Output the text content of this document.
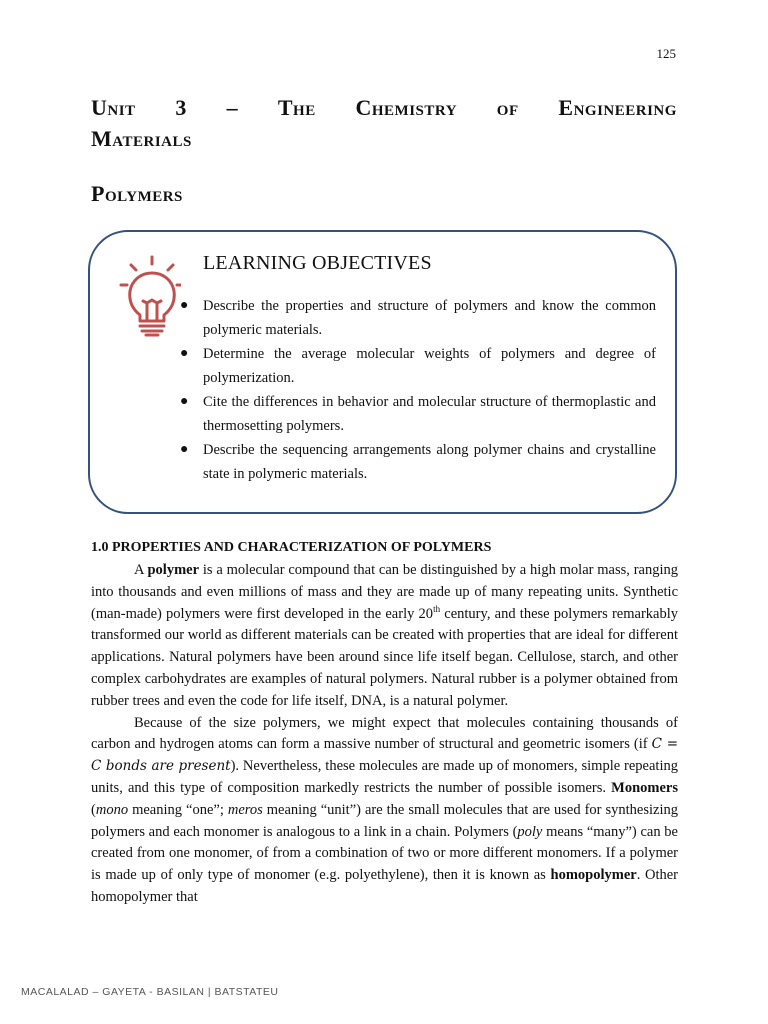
125
Unit 3 – The Chemistry of Engineering
Materials
Polymers
LEARNING OBJECTIVES
● Describe the properties and structure of polymers and know the common polymeric materials.
● Determine the average molecular weights of polymers and degree of polymerization.
● Cite the differences in behavior and molecular structure of thermoplastic and thermosetting polymers.
● Describe the sequencing arrangements along polymer chains and crystalline state in polymeric materials.
1.0 PROPERTIES AND CHARACTERIZATION OF POLYMERS

A polymer is a molecular compound that can be distinguished by a high molar mass, ranging into thousands and even millions of mass and they are made up of many repeating units. Synthetic (man-made) polymers were first developed in the early 20th century, and these polymers remarkably transformed our world as different materials can be created with properties that are ideal for different applications. Natural polymers have been around since life itself began. Cellulose, starch, and other complex carbohydrates are examples of natural polymers. Natural rubber is a polymer obtained from rubber trees and even the code for life itself, DNA, is a natural polymer.

Because of the size polymers, we might expect that molecules containing thousands of carbon and hydrogen atoms can form a massive number of structural and geometric isomers (if C = C bonds are present). Nevertheless, these molecules are made up of monomers, simple repeating units, and this type of composition markedly restricts the number of possible isomers. Monomers (mono meaning “one”; meros meaning “unit”) are the small molecules that are used for synthesizing polymers and each monomer is analogous to a link in a chain. Polymers (poly means “many”) can be created from one monomer, of from a combination of two or more different monomers. If a polymer is made up of only type of monomer (e.g. polyethylene), then it is known as homopolymer. Other homopolymer that

MACALALAD – GAYETA - BASILAN | BATSTATEU
